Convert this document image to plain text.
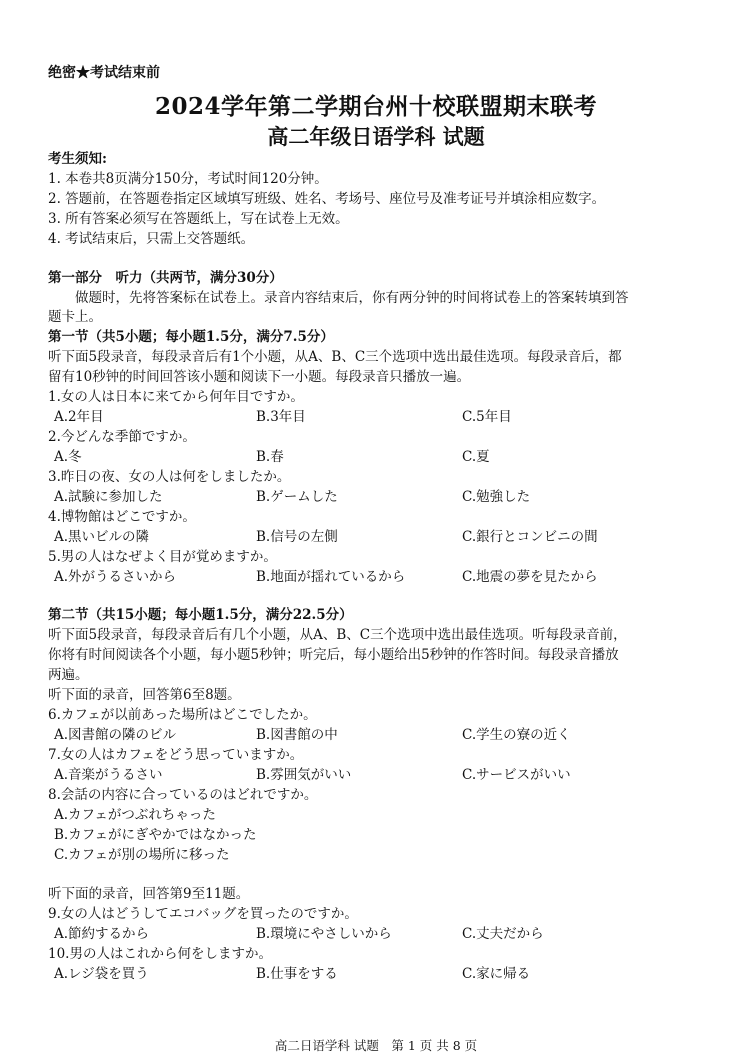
绝密★考试结束前
2024学年第二学期台州十校联盟期末联考
高二年级日语学科 试题
考生须知:
1. 本卷共8页满分150分，考试时间120分钟。
2. 答题前，在答题卷指定区域填写班级、姓名、考场号、座位号及准考证号并填涂相应数字。
3. 所有答案必须写在答题纸上，写在试卷上无效。
4. 考试结束后，只需上交答题纸。
第一部分　听力（共两节，满分30分）
　　做题时，先将答案标在试卷上。录音内容结束后，你有两分钟的时间将试卷上的答案转填到答
题卡上。
第一节（共5小题；每小题1.5分，满分7.5分）
听下面5段录音，每段录音后有1个小题，从A、B、C三个选项中选出最佳选项。每段录音后，都
留有10秒钟的时间回答该小题和阅读下一小题。每段录音只播放一遍。
1.女の人は日本に来てから何年目ですか。
A.2年目	B.3年目	C.5年目
2.今どんな季節ですか。
A.冬	B.春	C.夏
3.昨日の夜、女の人は何をしましたか。
A.試験に参加した	B.ゲームした	C.勉強した
4.博物館はどこですか。
A.黒いビルの隣	B.信号の左側	C.銀行とコンビニの間
5.男の人はなぜよく目が覚めますか。
A.外がうるさいから	B.地面が揺れているから	C.地震の夢を見たから
第二节（共15小题；每小题1.5分，满分22.5分）
听下面5段录音，每段录音后有几个小题，从A、B、C三个选项中选出最佳选项。听每段录音前，
你将有时间阅读各个小题，每小题5秒钟；听完后，每小题给出5秒钟的作答时间。每段录音播放
两遍。
听下面的录音，回答第6至8题。
6.カフェが以前あった場所はどこでしたか。
A.図書館の隣のビル	B.図書館の中	C.学生の寮の近く
7.女の人はカフェをどう思っていますか。
A.音楽がうるさい	B.雰囲気がいい	C.サービスがいい
8.会話の内容に合っているのはどれですか。
A.カフェがつぶれちゃった
B.カフェがにぎやかではなかった
C.カフェが別の場所に移った
听下面的录音，回答第9至11题。
9.女の人はどうしてエコバッグを買ったのですか。
A.節約するから	B.環境にやさしいから	C.丈夫だから
10.男の人はこれから何をしますか。
A.レジ袋を買う	B.仕事をする	C.家に帰る
高二日语学科 试题　第 1 页 共 8 页
